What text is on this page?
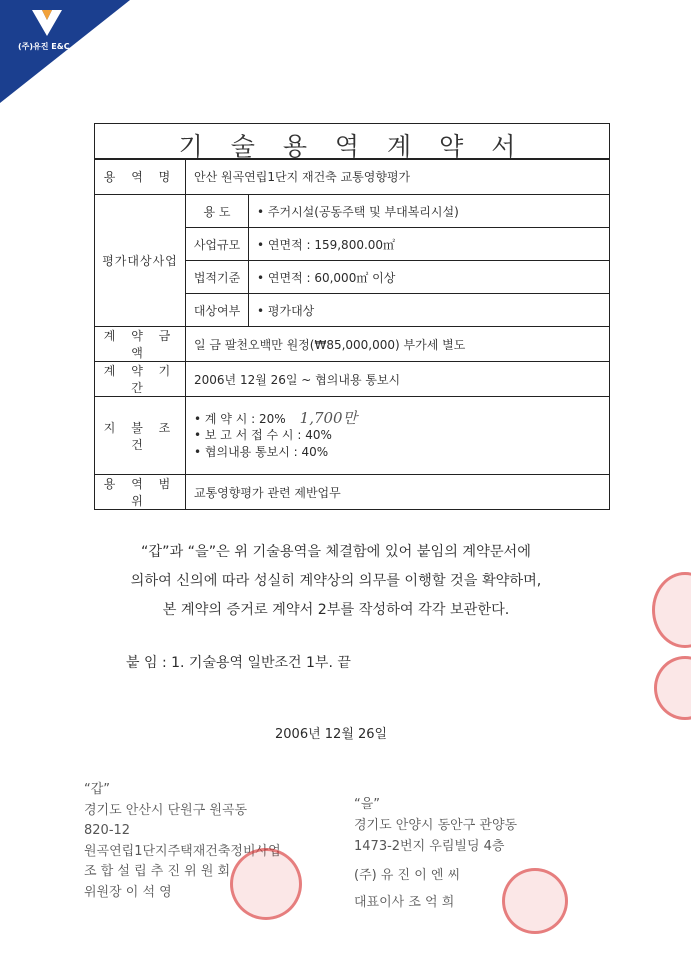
(주)유진 E&C
기 술 용 역 계 약 서
용 역 명	안산 원곡연립1단지 재건축 교통영향평가	
평가대상사업	용 도	• 주거시설(공동주택 및 부대복리시설)
	사업규모	• 연면적 : 159,800.00㎡
	법적기준	• 연면적 : 60,000㎡ 이상
	대상여부	• 평가대상
계 약 금 액	일 금 팔천오백만 원정(₩85,000,000) 부가세 별도	
계 약 기 간	2006년 12월 26일 ~ 협의내용 통보시	
지 불 조 건	• 계 약 시 : 20% 1,700만
• 보 고 서 접 수 시 : 40%
• 협의내용 통보시 : 40%	

용 역 범 위	교통영향평가 관련 제반업무	
“갑”과 “을”은 위 기술용역을 체결함에 있어 붙임의 계약문서에
의하여 신의에 따라 성실히 계약상의 의무를 이행할 것을 확약하며,
본 계약의 증거로 계약서 2부를 작성하여 각각 보관한다.
붙 임 : 1. 기술용역 일반조건 1부. 끝
2006년 12월 26일
“갑”
경기도 안산시 단원구 원곡동
820-12
원곡연립1단지주택재건축정비사업
조 합 설 립 추 진 위 원 회
위원장 이 석 영
“을”
경기도 안양시 동안구 관양동
1473-2번지 우림빌딩 4층
(주) 유 진 이 엔 씨
대표이사 조 억 희
